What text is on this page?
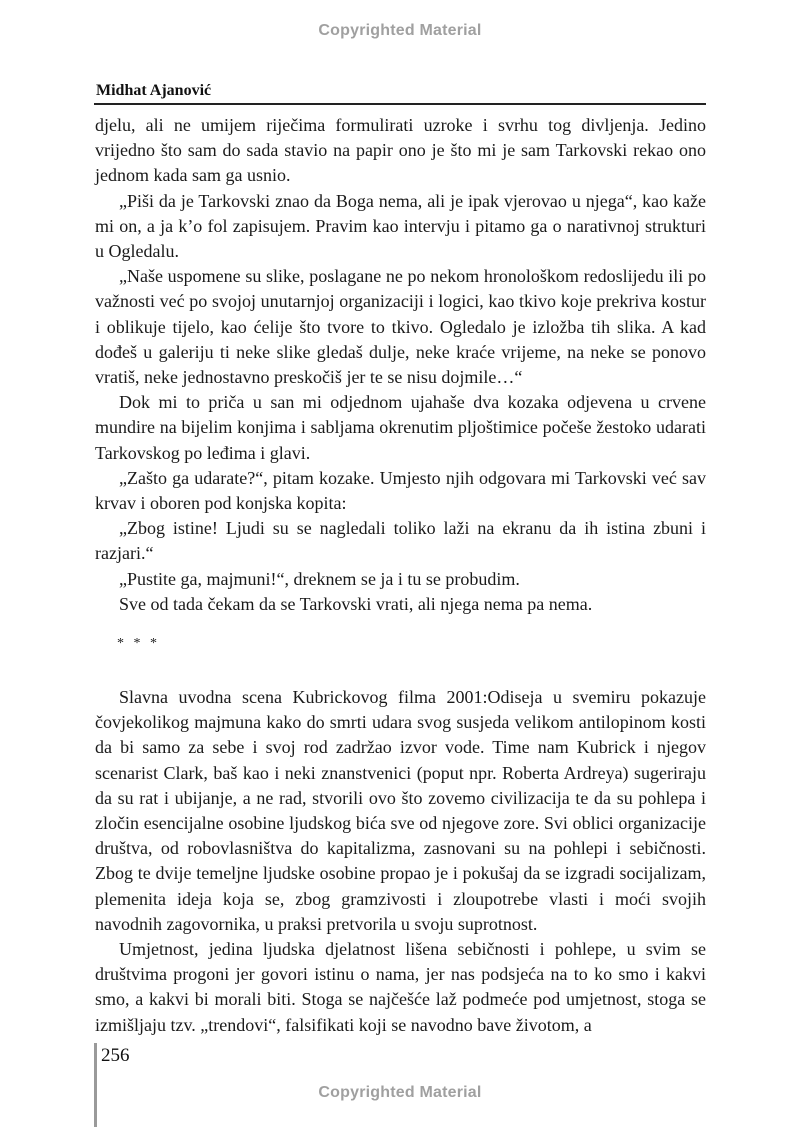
Copyrighted Material
Midhat Ajanović

djelu, ali ne umijem riječima formulirati uzroke i svrhu tog divljenja. Jedino vrijedno što sam do sada stavio na papir ono je što mi je sam Tarkovski rekao ono jednom kada sam ga usnio.

„Piši da je Tarkovski znao da Boga nema, ali je ipak vjerovao u njega“, kao kaže mi on, a ja k’o fol zapisujem. Pravim kao intervju i pitamo ga o narativnoj strukturi u Ogledalu.

„Naše uspomene su slike, poslagane ne po nekom hronološkom redoslijedu ili po važnosti već po svojoj unutarnjoj organizaciji i logici, kao tkivo koje prekriva kostur i oblikuje tijelo, kao ćelije što tvore to tkivo. Ogledalo je izložba tih slika. A kad dođeš u galeriju ti neke slike gledaš dulje, neke kraće vrijeme, na neke se ponovo vratiš, neke jednostavno preskočiš jer te se nisu dojmile…“

Dok mi to priča u san mi odjednom ujahaše dva kozaka odjevena u crvene mundire na bijelim konjima i sabljama okrenutim pljoštimice počeše žestoko udarati Tarkovskog po leđima i glavi.

„Zašto ga udarate?“, pitam kozake. Umjesto njih odgovara mi Tarkovski već sav krvav i oboren pod konjska kopita:

„Zbog istine! Ljudi su se nagledali toliko laži na ekranu da ih istina zbuni i razjari.“

„Pustite ga, majmuni!“, dreknem se ja i tu se probudim.

Sve od tada čekam da se Tarkovski vrati, ali njega nema pa nema.

* * *

Slavna uvodna scena Kubrickovog filma 2001:Odiseja u svemiru pokazuje čovjekolikog majmuna kako do smrti udara svog susjeda velikom antilopinom kosti da bi samo za sebe i svoj rod zadržao izvor vode. Time nam Kubrick i njegov scenarist Clark, baš kao i neki znanstvenici (poput npr. Roberta Ardreya) sugeriraju da su rat i ubijanje, a ne rad, stvorili ovo što zovemo civilizacija te da su pohlepa i zločin esencijalne osobine ljudskog bića sve od njegove zore. Svi oblici organizacije društva, od robovlasništva do kapitalizma, zasnovani su na pohlepi i sebičnosti. Zbog te dvije temeljne ljudske osobine propao je i pokušaj da se izgradi socijalizam, plemenita ideja koja se, zbog gramzivosti i zloupotrebe vlasti i moći svojih navodnih zagovornika, u praksi pretvorila u svoju suprotnost.

Umjetnost, jedina ljudska djelatnost lišena sebičnosti i pohlepe, u svim se društvima progoni jer govori istinu o nama, jer nas podsjeća na to ko smo i kakvi smo, a kakvi bi morali biti. Stoga se najčešće laž podmeće pod umjetnost, stoga se izmišljaju tzv. „trendovi“, falsifikati koji se navodno bave životom, a

256
Copyrighted Material
